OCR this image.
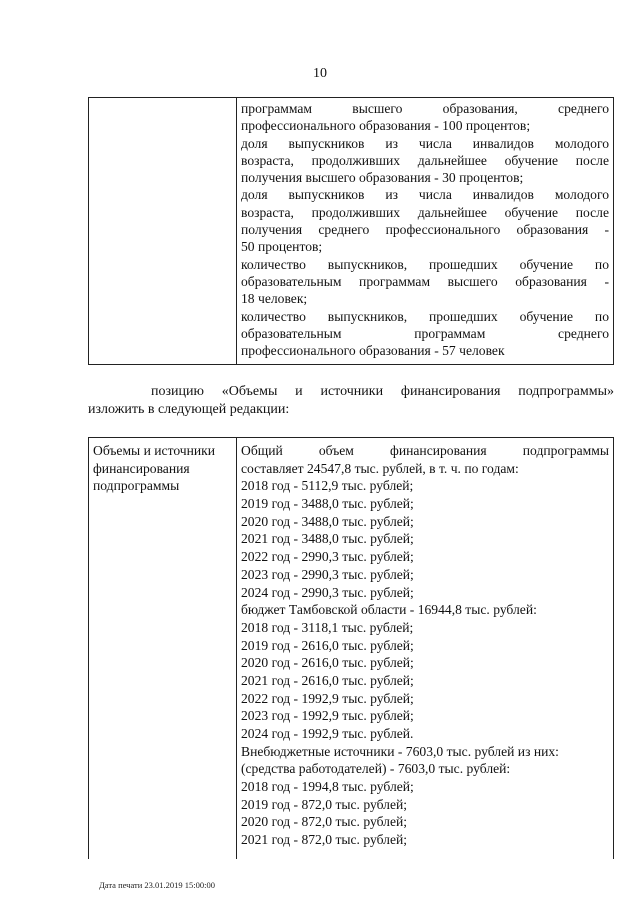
10
программам высшего образования, среднего
профессионального образования - 100 процентов;
доля выпускников из числа инвалидов молодого
возраста, продолживших дальнейшее обучение после
получения высшего образования - 30 процентов;
доля выпускников из числа инвалидов молодого
возраста, продолживших дальнейшее обучение после
получения среднего профессионального образования -
50 процентов;
количество выпускников, прошедших обучение по
образовательным программам высшего образования -
18 человек;
количество выпускников, прошедших обучение по
образовательным программам среднего
профессионального образования - 57 человек
позицию «Объемы и источники финансирования подпрограммы»
изложить в следующей редакции:
Объемы и источники
финансирования
подпрограммы
Общий объем финансирования подпрограммы
составляет 24547,8 тыс. рублей, в т. ч. по годам:
2018 год - 5112,9 тыс. рублей;
2019 год - 3488,0 тыс. рублей;
2020 год - 3488,0 тыс. рублей;
2021 год - 3488,0 тыс. рублей;
2022 год - 2990,3 тыс. рублей;
2023 год - 2990,3 тыс. рублей;
2024 год - 2990,3 тыс. рублей;
бюджет Тамбовской области - 16944,8 тыс. рублей:
2018 год - 3118,1 тыс. рублей;
2019 год - 2616,0 тыс. рублей;
2020 год - 2616,0 тыс. рублей;
2021 год - 2616,0 тыс. рублей;
2022 год - 1992,9 тыс. рублей;
2023 год - 1992,9 тыс. рублей;
2024 год - 1992,9 тыс. рублей.
Внебюджетные источники - 7603,0 тыс. рублей из них:
(средства работодателей) - 7603,0 тыс. рублей:
2018 год - 1994,8 тыс. рублей;
2019 год - 872,0 тыс. рублей;
2020 год - 872,0 тыс. рублей;
2021 год - 872,0 тыс. рублей;
Дата печати 23.01.2019 15:00:00
